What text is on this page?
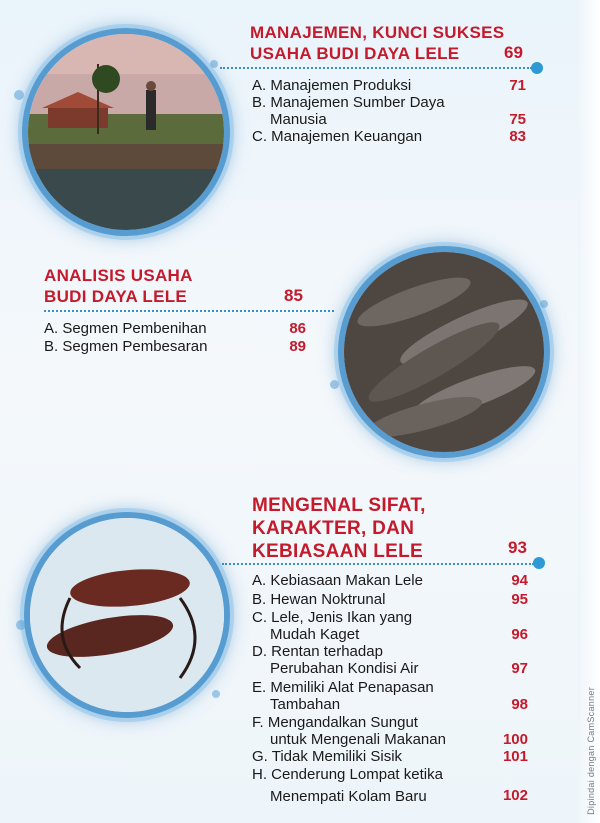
MANAJEMEN, KUNCI SUKSES
USAHA BUDI DAYA LELE	69
A. Manajemen Produksi	71
B. Manajemen Sumber Daya
Manusia	75
C. Manajemen Keuangan	83
ANALISIS USAHA
BUDI DAYA LELE	85
A. Segmen Pembenihan	86
B. Segmen Pembesaran	89
MENGENAL SIFAT,
KARAKTER, DAN
KEBIASAAN LELE	93
A. Kebiasaan Makan Lele	94
B. Hewan Noktrunal	95
C. Lele, Jenis Ikan yang
Mudah Kaget	96
D. Rentan terhadap
Perubahan Kondisi Air	97
E. Memiliki Alat Penapasan
Tambahan	98
F. Mengandalkan Sungut
untuk Mengenali Makanan	100
G. Tidak Memiliki Sisik	101
H. Cenderung Lompat ketika
Menempati Kolam Baru	102	Dipindai dengan CamScanner
